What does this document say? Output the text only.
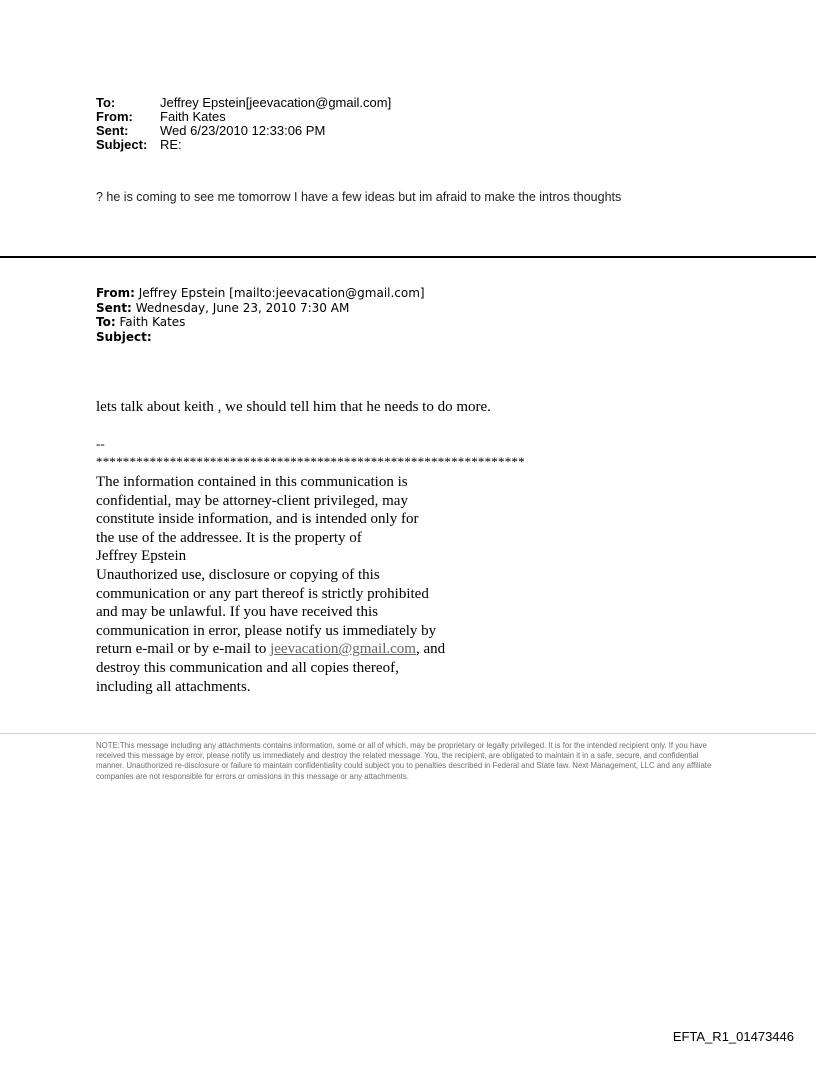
To:	Jeffrey Epstein[jeevacation@gmail.com]
From:	Faith Kates
Sent:	Wed 6/23/2010 12:33:06 PM
Subject: RE:
? he is coming to see me tomorrow I have a few ideas but im afraid to make the intros thoughts
From: Jeffrey Epstein [mailto:jeevacation@gmail.com]
Sent: Wednesday, June 23, 2010 7:30 AM
To: Faith Kates
Subject:
lets talk about keith , we should tell him that he needs to do more.
--
****************************************************************
The information contained in this communication is
confidential, may be attorney-client privileged, may
constitute inside information, and is intended only for
the use of the addressee. It is the property of
Jeffrey Epstein
Unauthorized use, disclosure or copying of this
communication or any part thereof is strictly prohibited
and may be unlawful. If you have received this
communication in error, please notify us immediately by
return e-mail or by e-mail to jeevacation@gmail.com, and
destroy this communication and all copies thereof,
including all attachments.
NOTE:This message including any attachments contains information, some or all of which, may be proprietary or legally privileged. It is for the intended recipient only. If you have received this message by error, please notify us immediately and destroy the related message. You, the recipient, are obligated to maintain it in a safe, secure, and confidential manner. Unauthorized re-disclosure or failure to maintain confidentiality could subject you to penalties described in Federal and State law. Next Management, LLC and any affiliate companies are not responsible for errors or omissions in this message or any attachments.
EFTA_R1_01473446
